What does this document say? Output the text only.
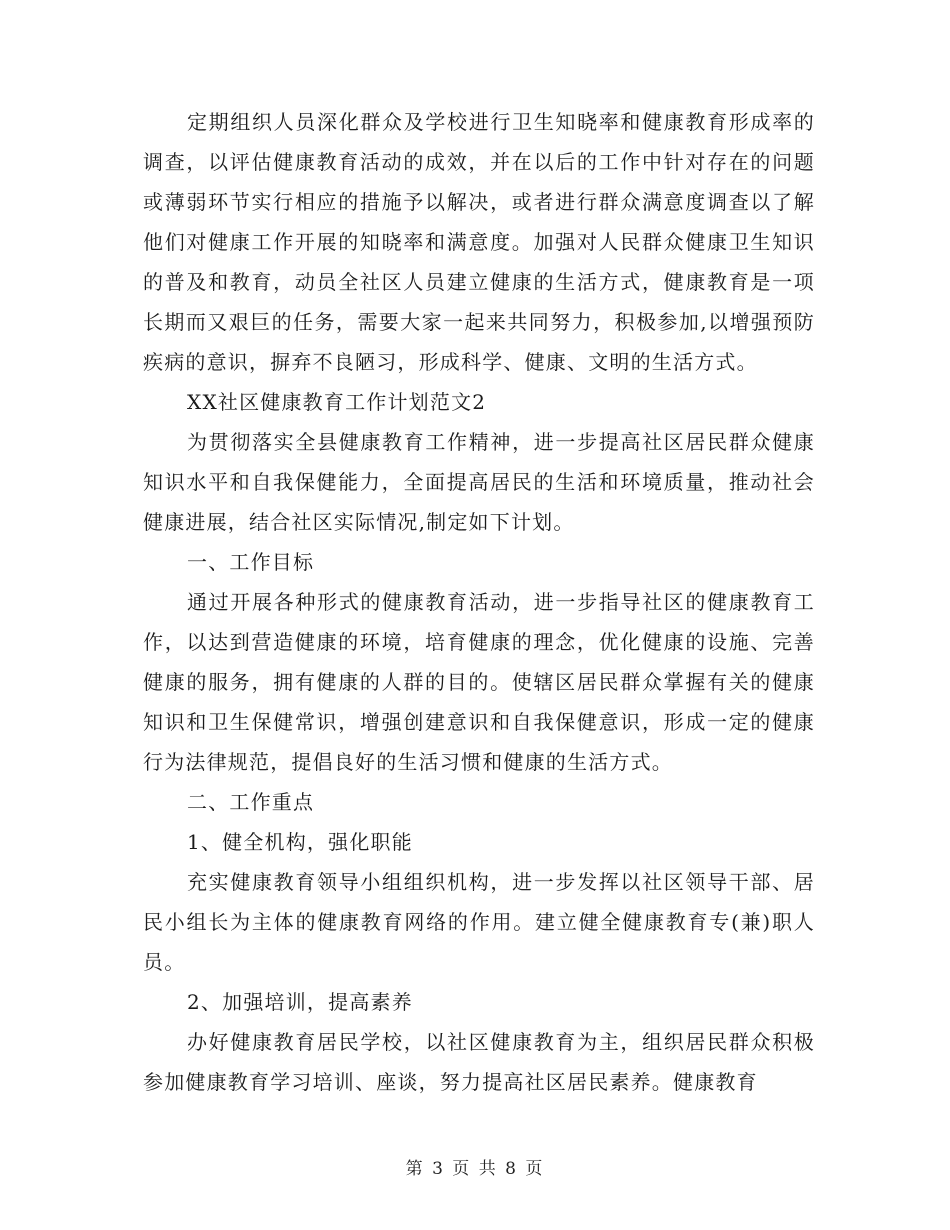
定期组织人员深化群众及学校进行卫生知晓率和健康教育形成率的调查，以评估健康教育活动的成效，并在以后的工作中针对存在的问题或薄弱环节实行相应的措施予以解决，或者进行群众满意度调查以了解他们对健康工作开展的知晓率和满意度。加强对人民群众健康卫生知识的普及和教育，动员全社区人员建立健康的生活方式，健康教育是一项长期而又艰巨的任务，需要大家一起来共同努力，积极参加,以增强预防疾病的意识，摒弃不良陋习，形成科学、健康、文明的生活方式。

XX社区健康教育工作计划范文2

为贯彻落实全县健康教育工作精神，进一步提高社区居民群众健康知识水平和自我保健能力，全面提高居民的生活和环境质量，推动社会健康进展，结合社区实际情况,制定如下计划。

一、工作目标

通过开展各种形式的健康教育活动，进一步指导社区的健康教育工作，以达到营造健康的环境，培育健康的理念，优化健康的设施、完善健康的服务，拥有健康的人群的目的。使辖区居民群众掌握有关的健康知识和卫生保健常识，增强创建意识和自我保健意识，形成一定的健康行为法律规范，提倡良好的生活习惯和健康的生活方式。

二、工作重点

1、健全机构，强化职能

充实健康教育领导小组组织机构，进一步发挥以社区领导干部、居民小组长为主体的健康教育网络的作用。建立健全健康教育专(兼)职人员。

2、加强培训，提高素养

办好健康教育居民学校，以社区健康教育为主，组织居民群众积极参加健康教育学习培训、座谈，努力提高社区居民素养。健康教育

第 3 页 共 8 页
